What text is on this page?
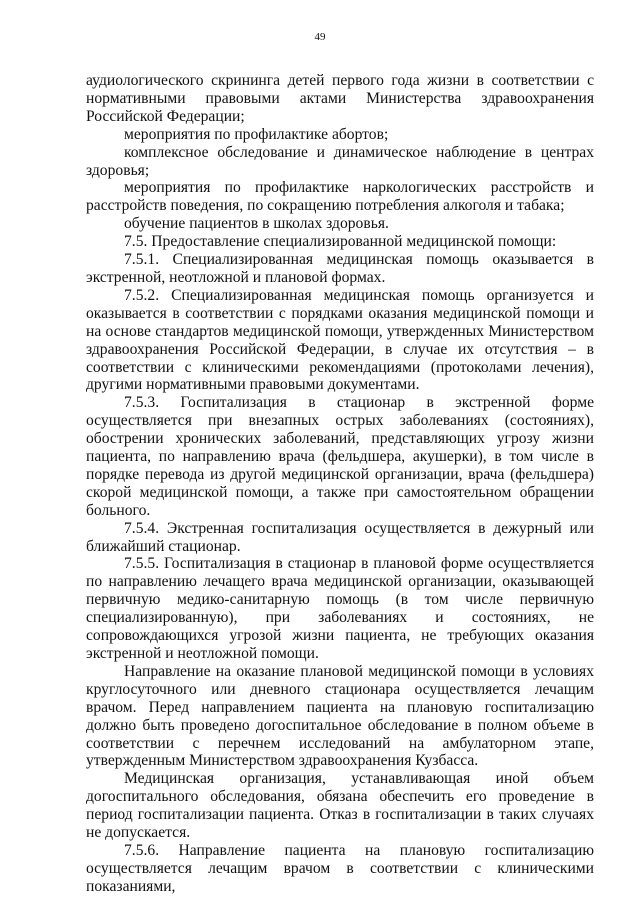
49

аудиологического скрининга детей первого года жизни в соответствии с нормативными правовыми актами Министерства здравоохранения Российской Федерации;

мероприятия по профилактике абортов;

комплексное обследование и динамическое наблюдение в центрах здоровья;

мероприятия по профилактике наркологических расстройств и расстройств поведения, по сокращению потребления алкоголя и табака;

обучение пациентов в школах здоровья.

7.5. Предоставление специализированной медицинской помощи:

7.5.1. Специализированная медицинская помощь оказывается в экстренной, неотложной и плановой формах.

7.5.2. Специализированная медицинская помощь организуется и оказывается в соответствии с порядками оказания медицинской помощи и на основе стандартов медицинской помощи, утвержденных Министерством здравоохранения Российской Федерации, в случае их отсутствия – в соответствии с клиническими рекомендациями (протоколами лечения), другими нормативными правовыми документами.

7.5.3. Госпитализация в стационар в экстренной форме осуществляется при внезапных острых заболеваниях (состояниях), обострении хронических заболеваний, представляющих угрозу жизни пациента, по направлению врача (фельдшера, акушерки), в том числе в порядке перевода из другой медицинской организации, врача (фельдшера) скорой медицинской помощи, а также при самостоятельном обращении больного.

7.5.4. Экстренная госпитализация осуществляется в дежурный или ближайший стационар.

7.5.5. Госпитализация в стационар в плановой форме осуществляется по направлению лечащего врача медицинской организации, оказывающей первичную медико-санитарную помощь (в том числе первичную специализированную), при заболеваниях и состояниях, не сопровождающихся угрозой жизни пациента, не требующих оказания экстренной и неотложной помощи.

Направление на оказание плановой медицинской помощи в условиях круглосуточного или дневного стационара осуществляется лечащим врачом. Перед направлением пациента на плановую госпитализацию должно быть проведено догоспитальное обследование в полном объеме в соответствии с перечнем исследований на амбулаторном этапе, утвержденным Министерством здравоохранения Кузбасса.

Медицинская организация, устанавливающая иной объем догоспитального обследования, обязана обеспечить его проведение в период госпитализации пациента. Отказ в госпитализации в таких случаях не допускается.

7.5.6. Направление пациента на плановую госпитализацию осуществляется лечащим врачом в соответствии с клиническими показаниями,
